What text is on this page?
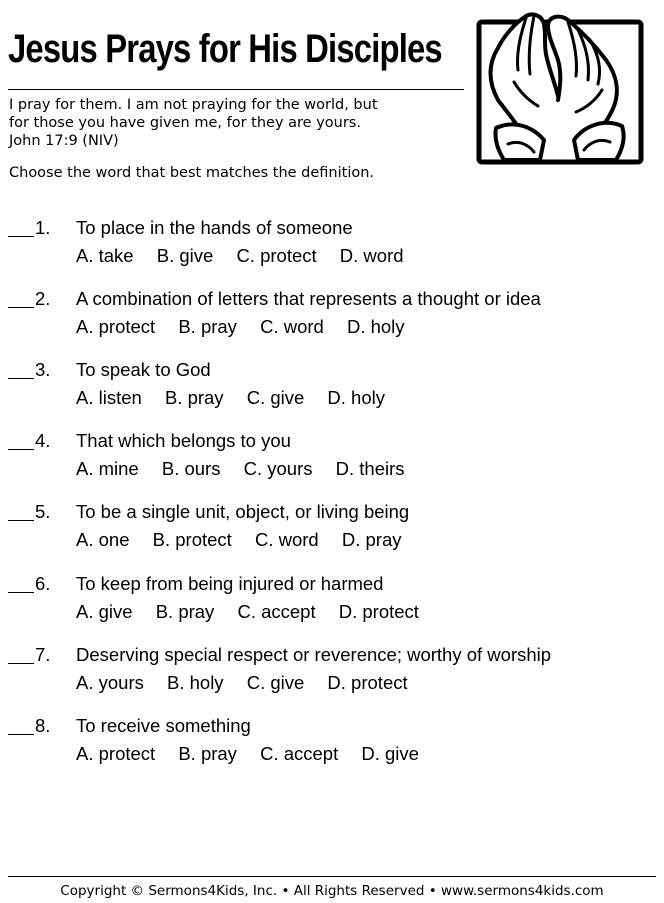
Jesus Prays for His Disciples

I pray for them. I am not praying for the world, but

for those you have given me, for they are yours.

John 17:9 (NIV)

Choose the word that best matches the definition.

1. To place in the hands of someone
A. take B. give C. protect D. word
2. A combination of letters that represents a thought or idea
A. protect B. pray C. word D. holy
3. To speak to God
A. listen B. pray C. give D. holy
4. That which belongs to you
A. mine B. ours C. yours D. theirs
5. To be a single unit, object, or living being
A. one B. protect C. word D. pray
6. To keep from being injured or harmed
A. give B. pray C. accept D. protect
7. Deserving special respect or reverence; worthy of worship
A. yours B. holy C. give D. protect
8. To receive something
A. protect B. pray C. accept D. give
Copyright © Sermons4Kids, Inc. • All Rights Reserved • www.sermons4kids.com
